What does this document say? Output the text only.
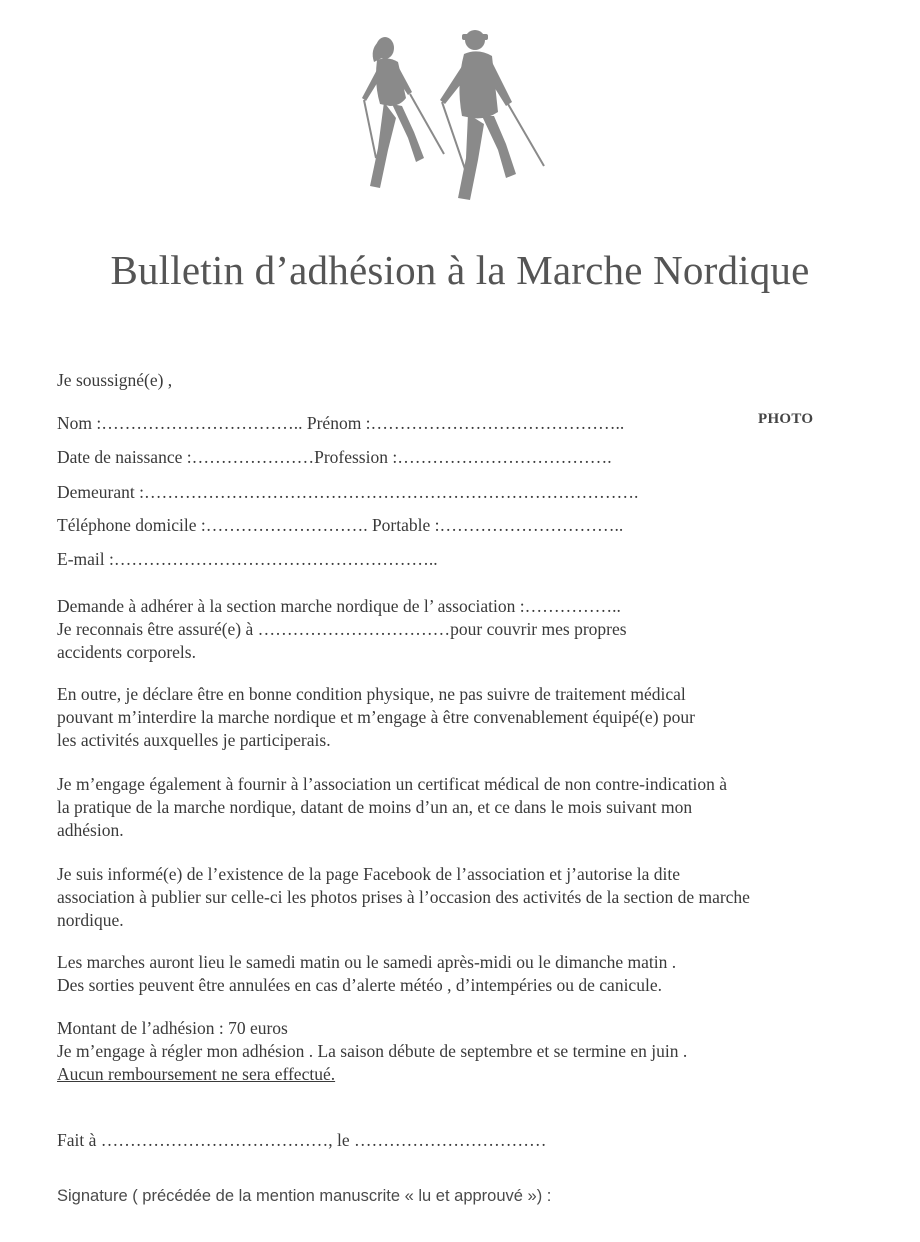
Bulletin d’adhésion à la Marche Nordique
Je soussigné(e) ,
Nom :…………………………….. Prénom :……………………………………..	PHOTO
Date de naissance :…………………Profession :……………………………….
Demeurant :………………………………………………………………………….
Téléphone domicile :………………………. Portable :…………………………..
E-mail :………………………………………………..
Demande à adhérer à la section marche nordique de l’ association :……………..
Je reconnais être assuré(e) à ……………………………pour couvrir mes propres
accidents corporels.
En outre, je déclare être en bonne condition physique, ne pas suivre de traitement médical
pouvant m’interdire la marche nordique et m’engage à être convenablement équipé(e) pour
les activités auxquelles je participerais.
Je m’engage également à fournir à l’association un certificat médical de non contre-indication à
la pratique de la marche nordique, datant de moins d’un an, et ce dans le mois suivant mon
adhésion.
Je suis informé(e) de l’existence de la page Facebook de l’association et j’autorise la dite
association à publier sur celle-ci les photos prises à l’occasion des activités de la section de marche
nordique.
Les marches auront lieu le samedi matin ou le samedi après-midi ou le dimanche matin .
Des sorties peuvent être annulées en cas d’alerte météo , d’intempéries ou de canicule.
Montant de l’adhésion : 70 euros
Je m’engage à régler mon adhésion . La saison débute de septembre et se termine en juin .
Aucun remboursement ne sera effectué.
Fait à …………………………………, le ……………………………
Signature ( précédée de la mention manuscrite « lu et approuvé ») :
